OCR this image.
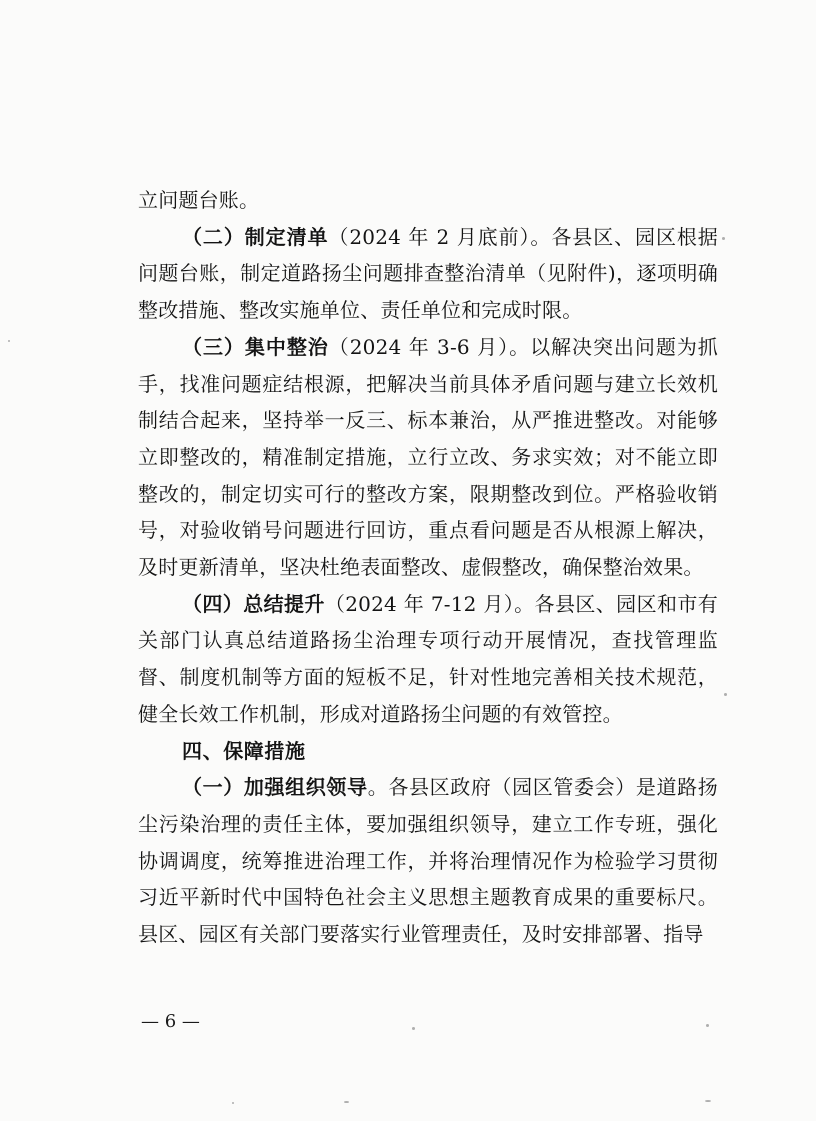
立问题台账。

（二）制定清单（2024 年 2 月底前）。各县区、园区根据问题台账，制定道路扬尘问题排查整治清单（见附件)，逐项明确整改措施、整改实施单位、责任单位和完成时限。

（三）集中整治（2024 年 3-6 月）。以解决突出问题为抓手，找准问题症结根源，把解决当前具体矛盾问题与建立长效机制结合起来，坚持举一反三、标本兼治，从严推进整改。对能够立即整改的，精准制定措施，立行立改、务求实效；对不能立即整改的，制定切实可行的整改方案，限期整改到位。严格验收销号，对验收销号问题进行回访，重点看问题是否从根源上解决，及时更新清单，坚决杜绝表面整改、虚假整改，确保整治效果。

（四）总结提升（2024 年 7-12 月）。各县区、园区和市有关部门认真总结道路扬尘治理专项行动开展情况，查找管理监督、制度机制等方面的短板不足，针对性地完善相关技术规范，健全长效工作机制，形成对道路扬尘问题的有效管控。

四、保障措施

（一）加强组织领导。各县区政府（园区管委会）是道路扬尘污染治理的责任主体，要加强组织领导，建立工作专班，强化协调调度，统筹推进治理工作，并将治理情况作为检验学习贯彻习近平新时代中国特色社会主义思想主题教育成果的重要标尺。县区、园区有关部门要落实行业管理责任，及时安排部署、指导

— 6 —
